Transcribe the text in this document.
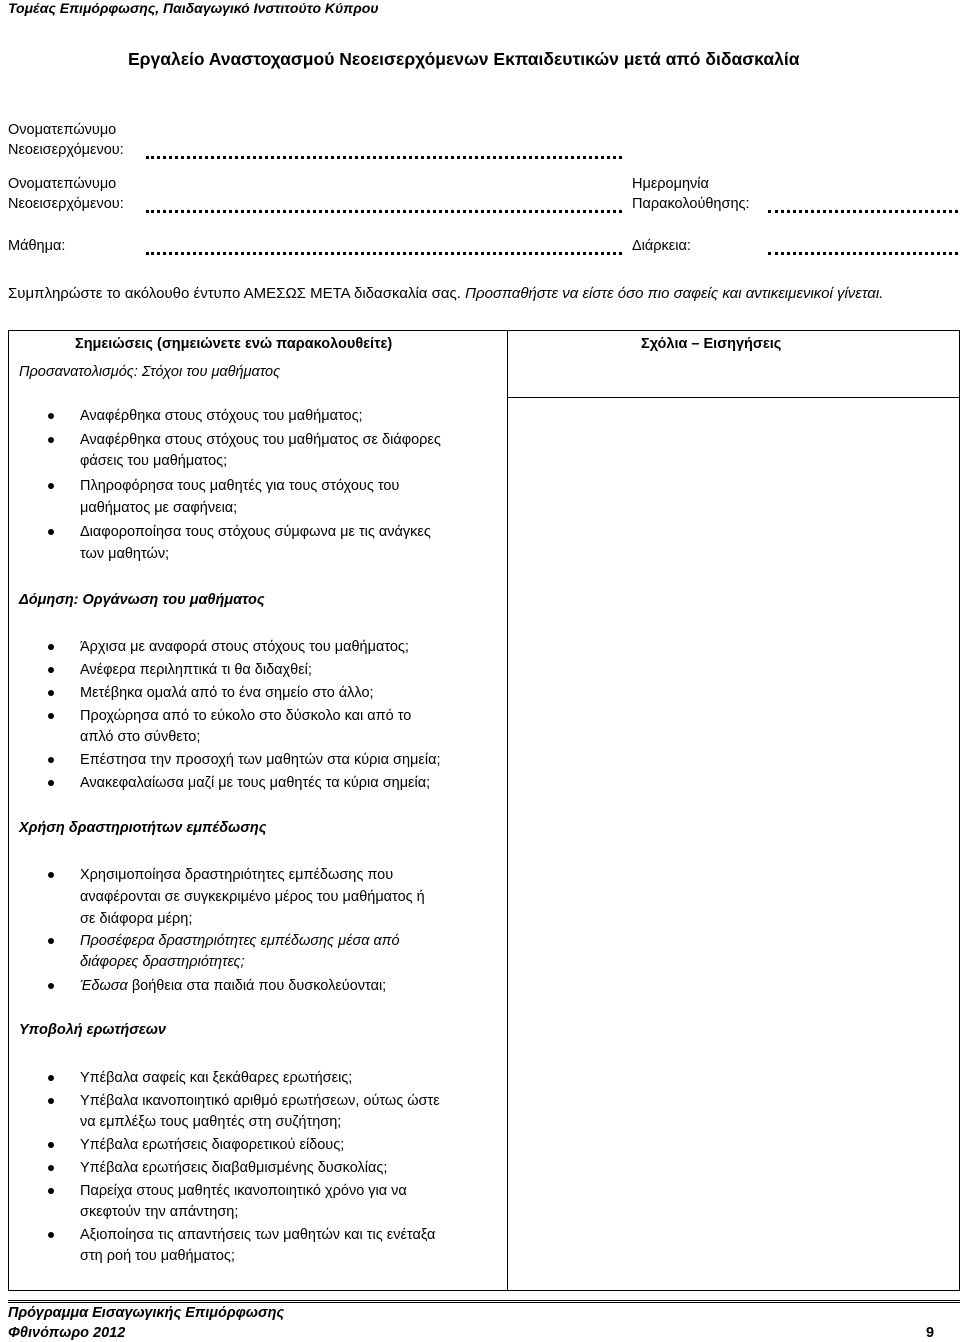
Τομέας Επιμόρφωσης, Παιδαγωγικό Ινστιτούτο Κύπρου
Εργαλείο Αναστοχασμού Νεοεισερχόμενων Εκπαιδευτικών μετά από διδασκαλία
Ονοματεπώνυμο
Νεοεισερχόμενου:
Ονοματεπώνυμο
Νεοεισερχόμενου:
Ημερομηνία
Παρακολούθησης:
Μάθημα:	Διάρκεια:
Συμπληρώστε το ακόλουθο έντυπο ΑΜΕΣΩΣ ΜΕΤΑ διδασκαλία σας. Προσπαθήστε να είστε όσο πιο σαφείς και αντικειμενικοί γίνεται.

Σημειώσεις (σημειώνετε ενώ παρακολουθείτε)	Σχόλια – Εισηγήσεις
Προσανατολισμός: Στόχοι του μαθήματος
Αναφέρθηκα στους στόχους του μαθήματος;
Αναφέρθηκα στους στόχους του μαθήματος σε διάφορες
φάσεις του μαθήματος;
Πληροφόρησα τους μαθητές για τους στόχους του
μαθήματος με σαφήνεια;
Διαφοροποίησα τους στόχους σύμφωνα με τις ανάγκες
των μαθητών;
Δόμηση: Οργάνωση του μαθήματος
Άρχισα με αναφορά στους στόχους του μαθήματος;
Ανέφερα περιληπτικά τι θα διδαχθεί;
Μετέβηκα ομαλά από το ένα σημείο στο άλλο;
Προχώρησα από το εύκολο στο δύσκολο και από το
απλό στο σύνθετο;
Επέστησα την προσοχή των μαθητών στα κύρια σημεία;
Ανακεφαλαίωσα μαζί με τους μαθητές τα κύρια σημεία;
Χρήση δραστηριοτήτων εμπέδωσης
Χρησιμοποίησα δραστηριότητες εμπέδωσης που
αναφέρονται σε συγκεκριμένο μέρος του μαθήματος ή
σε διάφορα μέρη;
Προσέφερα δραστηριότητες εμπέδωσης μέσα από
διάφορες δραστηριότητες;
Έδωσα βοήθεια στα παιδιά που δυσκολεύονται;
Υποβολή ερωτήσεων
Υπέβαλα σαφείς και ξεκάθαρες ερωτήσεις;
Υπέβαλα ικανοποιητικό αριθμό ερωτήσεων, ούτως ώστε
να εμπλέξω τους μαθητές στη συζήτηση;
Υπέβαλα ερωτήσεις διαφορετικού είδους;
Υπέβαλα ερωτήσεις διαβαθμισμένης δυσκολίας;
Παρείχα στους μαθητές ικανοποιητικό χρόνο για να
σκεφτούν την απάντηση;
Αξιοποίησα τις απαντήσεις των μαθητών και τις ενέταξα
στη ροή του μαθήματος;
Πρόγραμμα Εισαγωγικής Επιμόρφωσης
Φθινόπωρο 2012	9
